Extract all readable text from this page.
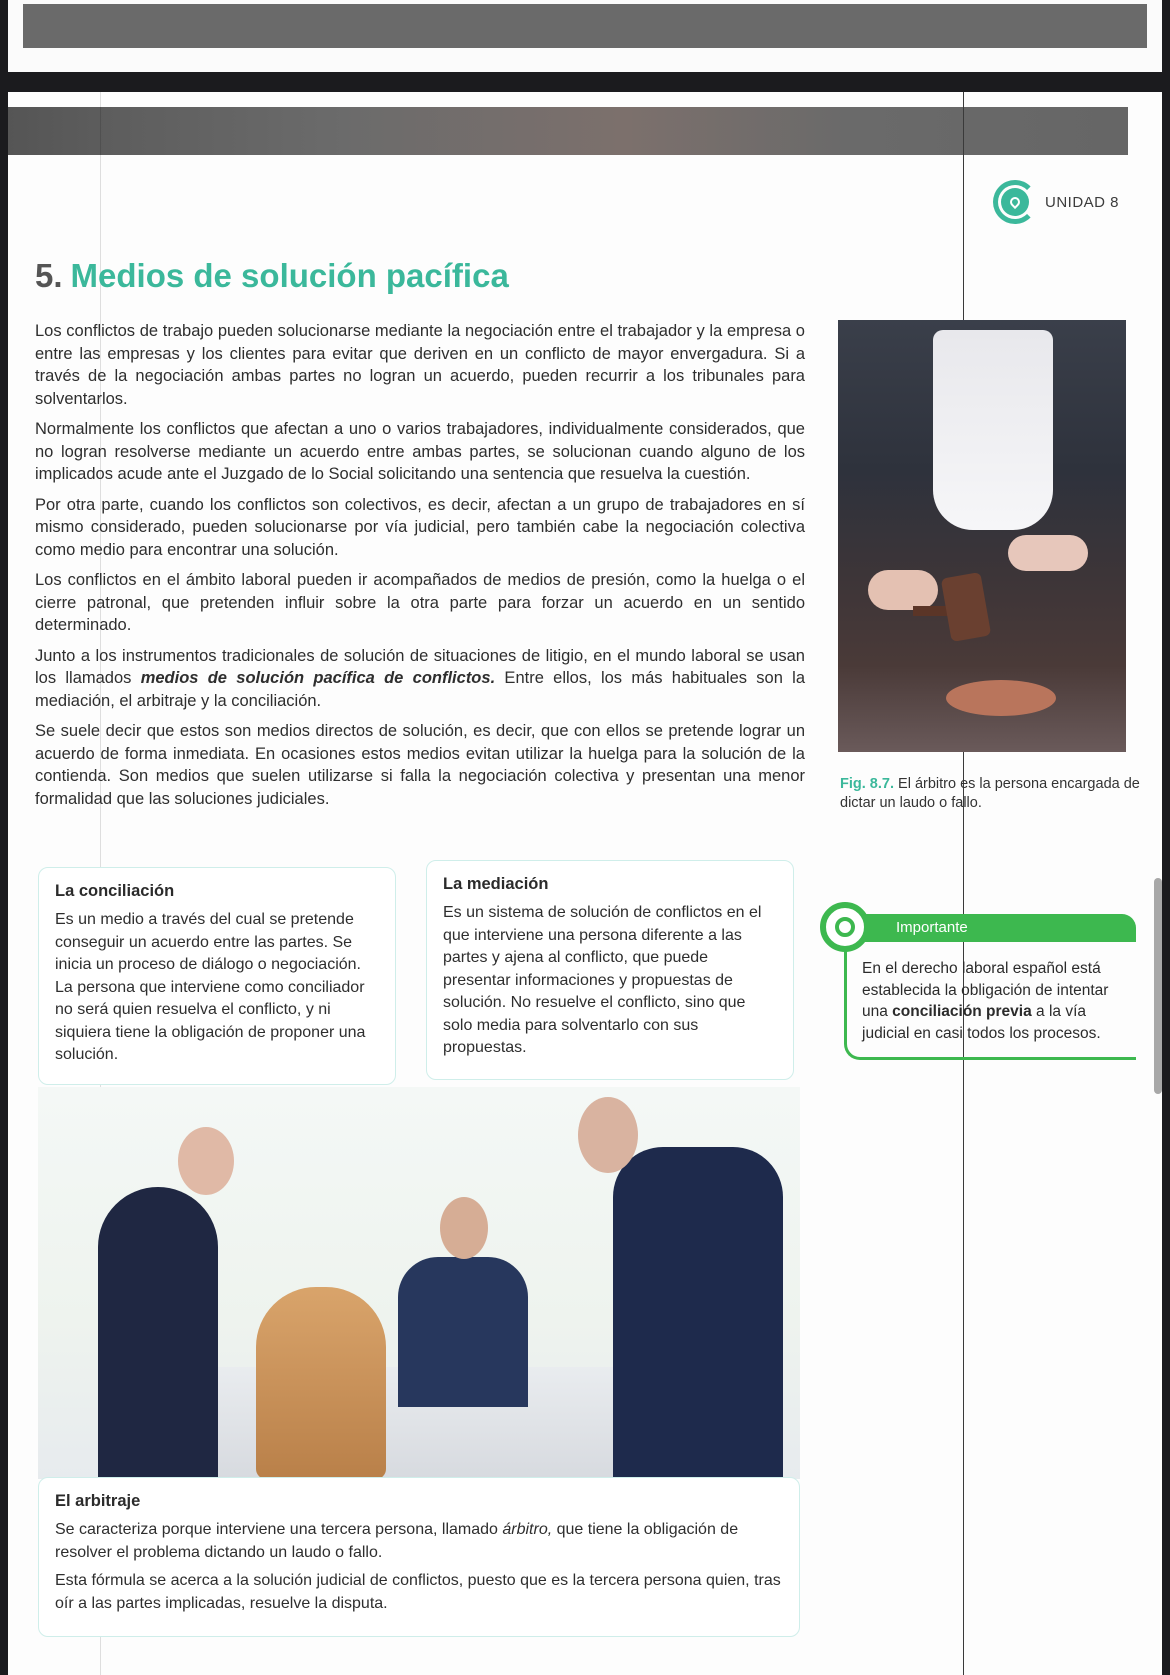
UNIDAD 8
5. Medios de solución pacífica

Los conflictos de trabajo pueden solucionarse mediante la negociación entre el trabajador y la empresa o entre las empresas y los clientes para evitar que deriven en un conflicto de mayor envergadura. Si a través de la negociación ambas partes no logran un acuerdo, pueden recurrir a los tribunales para solventarlos.

Normalmente los conflictos que afectan a uno o varios trabajadores, individualmente considerados, que no logran resolverse mediante un acuerdo entre ambas partes, se solucionan cuando alguno de los implicados acude ante el Juzgado de lo Social solicitando una sentencia que resuelva la cuestión.

Por otra parte, cuando los conflictos son colectivos, es decir, afectan a un grupo de trabajadores en sí mismo considerado, pueden solucionarse por vía judicial, pero también cabe la negociación colectiva como medio para encontrar una solución.

Los conflictos en el ámbito laboral pueden ir acompañados de medios de presión, como la huelga o el cierre patronal, que pretenden influir sobre la otra parte para forzar un acuerdo en un sentido determinado.

Junto a los instrumentos tradicionales de solución de situaciones de litigio, en el mundo laboral se usan los llamados medios de solución pacífica de conflictos. Entre ellos, los más habituales son la mediación, el arbitraje y la conciliación.

Se suele decir que estos son medios directos de solución, es decir, que con ellos se pretende lograr un acuerdo de forma inmediata. En ocasiones estos medios evitan utilizar la huelga para la solución de la contienda. Son medios que suelen utilizarse si falla la negociación colectiva y presentan una menor formalidad que las soluciones judiciales.

Fig. 8.7. El árbitro es la persona encargada de dictar un laudo o fallo.
La conciliación

Es un medio a través del cual se pretende conseguir un acuerdo entre las partes. Se inicia un proceso de diálogo o negociación. La persona que interviene como conciliador no será quien resuelva el conflicto, y ni siquiera tiene la obligación de proponer una solución.

La mediación

Es un sistema de solución de conflictos en el que interviene una persona diferente a las partes y ajena al conflicto, que puede presentar informaciones y propuestas de solución. No resuelve el conflicto, sino que solo media para solventarlo con sus propuestas.

Importante
En el derecho laboral español está establecida la obligación de intentar una conciliación previa a la vía judicial en casi todos los procesos.
El arbitraje

Se caracteriza porque interviene una tercera persona, llamado árbitro, que tiene la obligación de resolver el problema dictando un laudo o fallo.

Esta fórmula se acerca a la solución judicial de conflictos, puesto que es la tercera persona quien, tras oír a las partes implicadas, resuelve la disputa.
